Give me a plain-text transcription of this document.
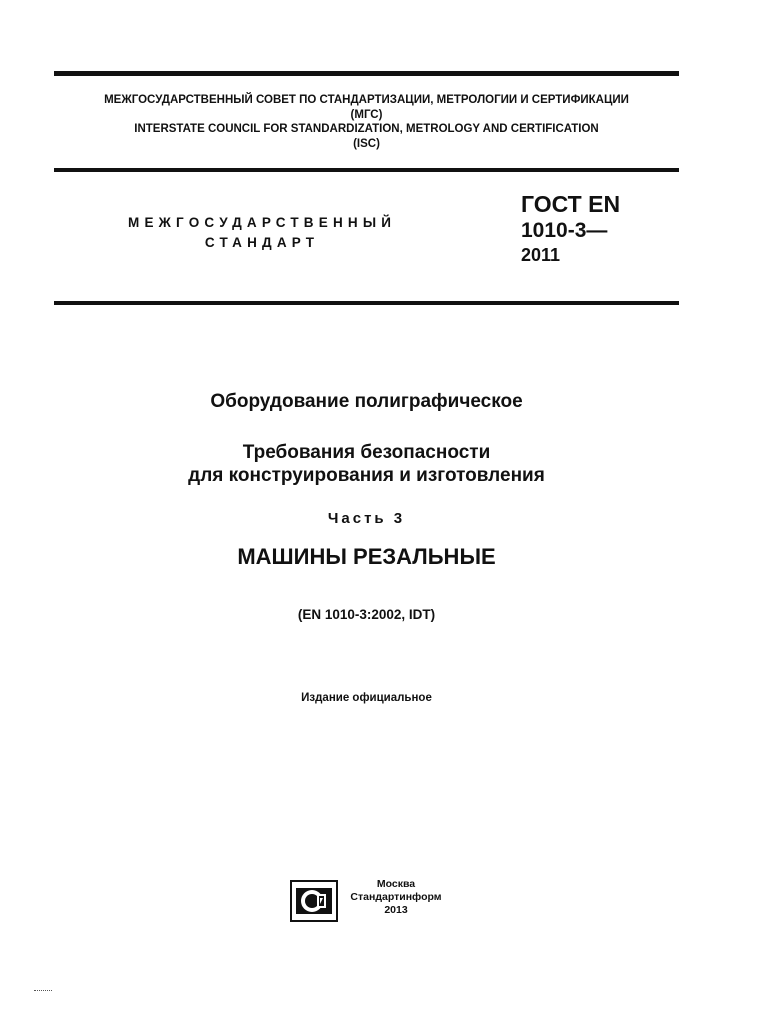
МЕЖГОСУДАРСТВЕННЫЙ СОВЕТ ПО СТАНДАРТИЗАЦИИ, МЕТРОЛОГИИ И СЕРТИФИКАЦИИ
(МГС)
INTERSTATE COUNCIL FOR STANDARDIZATION, METROLOGY AND CERTIFICATION
(ISC)
МЕЖГОСУДАРСТВЕННЫЙ
СТАНДАРТ
ГОСТ EN
1010-3—
2011
Оборудование полиграфическое
Требования безопасности
для конструирования и изготовления
Часть 3
МАШИНЫ РЕЗАЛЬНЫЕ
(EN 1010-3:2002, IDT)
Издание официальное
Москва
Стандартинформ
2013
